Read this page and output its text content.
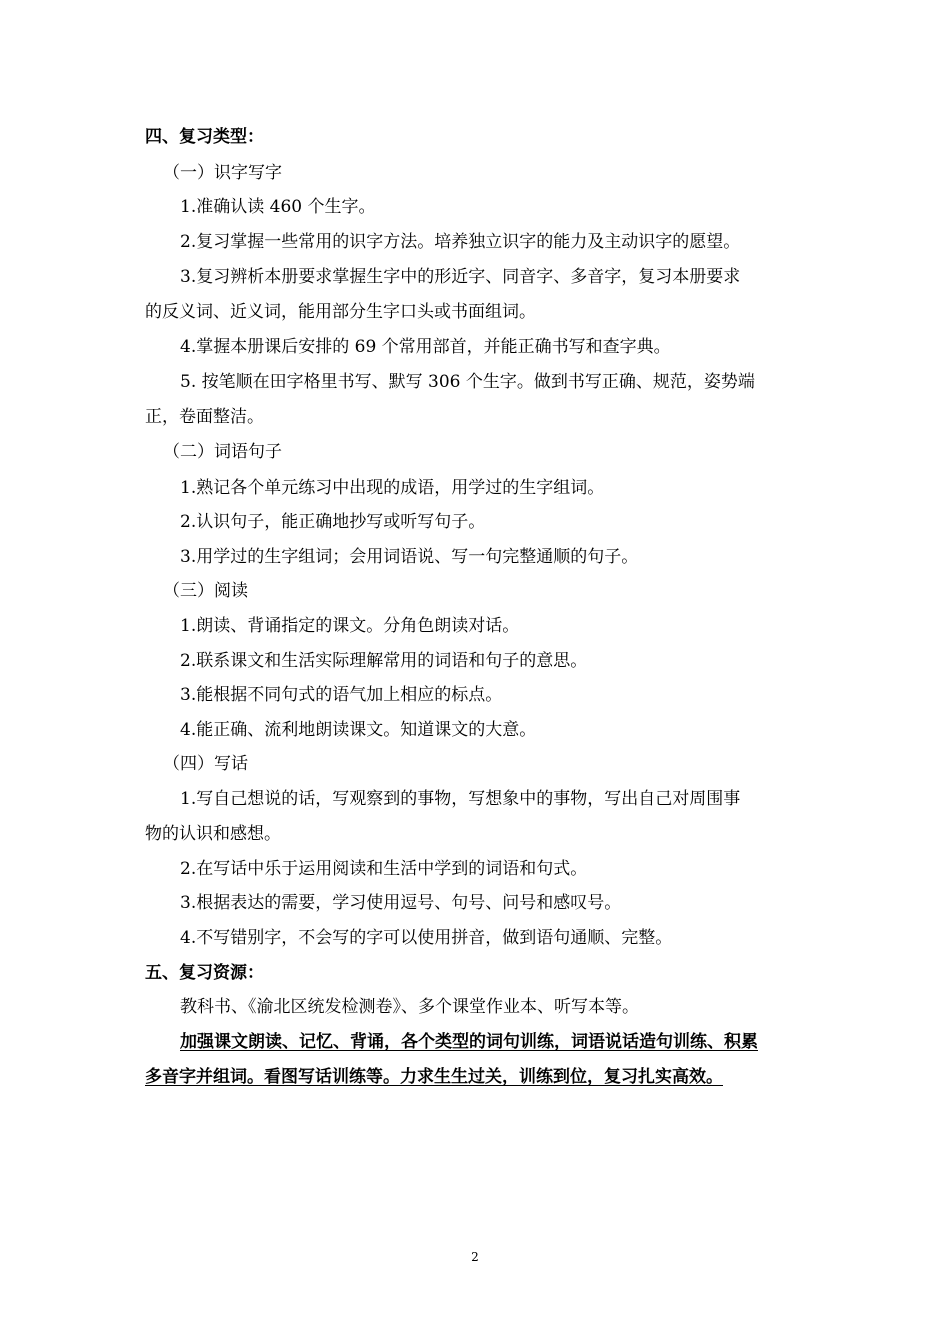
四、复习类型：
（一）识字写字
1.准确认读 460 个生字。
2.复习掌握一些常用的识字方法。培养独立识字的能力及主动识字的愿望。
3.复习辨析本册要求掌握生字中的形近字、同音字、多音字，复习本册要求
的反义词、近义词，能用部分生字口头或书面组词。
4.掌握本册课后安排的 69 个常用部首，并能正确书写和查字典。
5. 按笔顺在田字格里书写、默写 306 个生字。做到书写正确、规范，姿势端
正，卷面整洁。
（二）词语句子
1.熟记各个单元练习中出现的成语，用学过的生字组词。
2.认识句子，能正确地抄写或听写句子。
3.用学过的生字组词；会用词语说、写一句完整通顺的句子。
（三）阅读
1.朗读、背诵指定的课文。分角色朗读对话。
2.联系课文和生活实际理解常用的词语和句子的意思。
3.能根据不同句式的语气加上相应的标点。
4.能正确、流利地朗读课文。知道课文的大意。
（四）写话
1.写自己想说的话，写观察到的事物，写想象中的事物，写出自己对周围事
物的认识和感想。
2.在写话中乐于运用阅读和生活中学到的词语和句式。
3.根据表达的需要，学习使用逗号、句号、问号和感叹号。
4.不写错别字，不会写的字可以使用拼音，做到语句通顺、完整。
五、复习资源：
教科书、《渝北区统发检测卷》、多个课堂作业本、听写本等。
加强课文朗读、记忆、背诵，各个类型的词句训练，词语说话造句训练、积累
多音字并组词。看图写话训练等。力求生生过关，训练到位，复习扎实高效。
2
